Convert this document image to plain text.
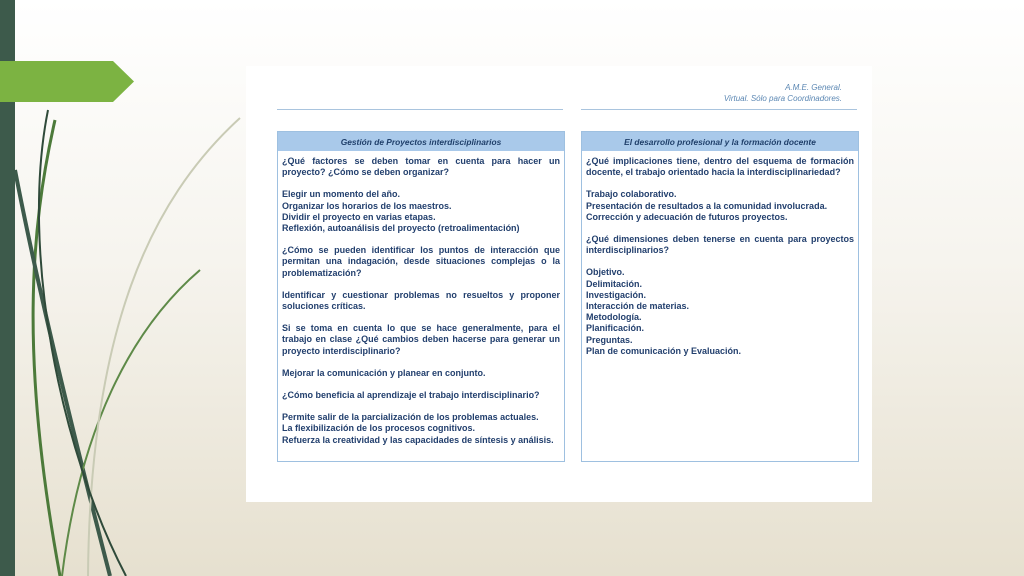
A.M.E. General.
Virtual. Sólo para Coordinadores.
Gestión de Proyectos interdisciplinarios
¿Qué factores se deben tomar en cuenta para hacer un proyecto? ¿Cómo se deben organizar?
Elegir un momento del año.
Organizar los horarios de los maestros.
Dividir el proyecto en varias etapas.
Reflexión, autoanálisis del proyecto (retroalimentación)
¿Cómo se pueden identificar los puntos de interacción que permitan una indagación, desde situaciones complejas o la problematización?
Identificar y cuestionar problemas no resueltos y proponer soluciones críticas.
Si se toma en cuenta lo que se hace generalmente, para el trabajo en clase ¿Qué cambios deben hacerse para generar un proyecto interdisciplinario?
Mejorar la comunicación y planear en conjunto.
¿Cómo beneficia al aprendizaje el trabajo interdisciplinario?
Permite salir de la parcialización de los problemas actuales.
La flexibilización de los procesos cognitivos.
Refuerza la creatividad y las capacidades de síntesis y análisis.
El desarrollo profesional y la formación docente
¿Qué implicaciones tiene, dentro del esquema de formación docente, el trabajo orientado hacia la interdisciplinariedad?
Trabajo colaborativo.
Presentación de resultados a la comunidad involucrada.
Corrección y adecuación de futuros proyectos.
¿Qué dimensiones deben tenerse en cuenta para proyectos interdisciplinarios?
Objetivo.
Delimitación.
Investigación.
Interacción de materias.
Metodología.
Planificación.
Preguntas.
Plan de comunicación y Evaluación.
